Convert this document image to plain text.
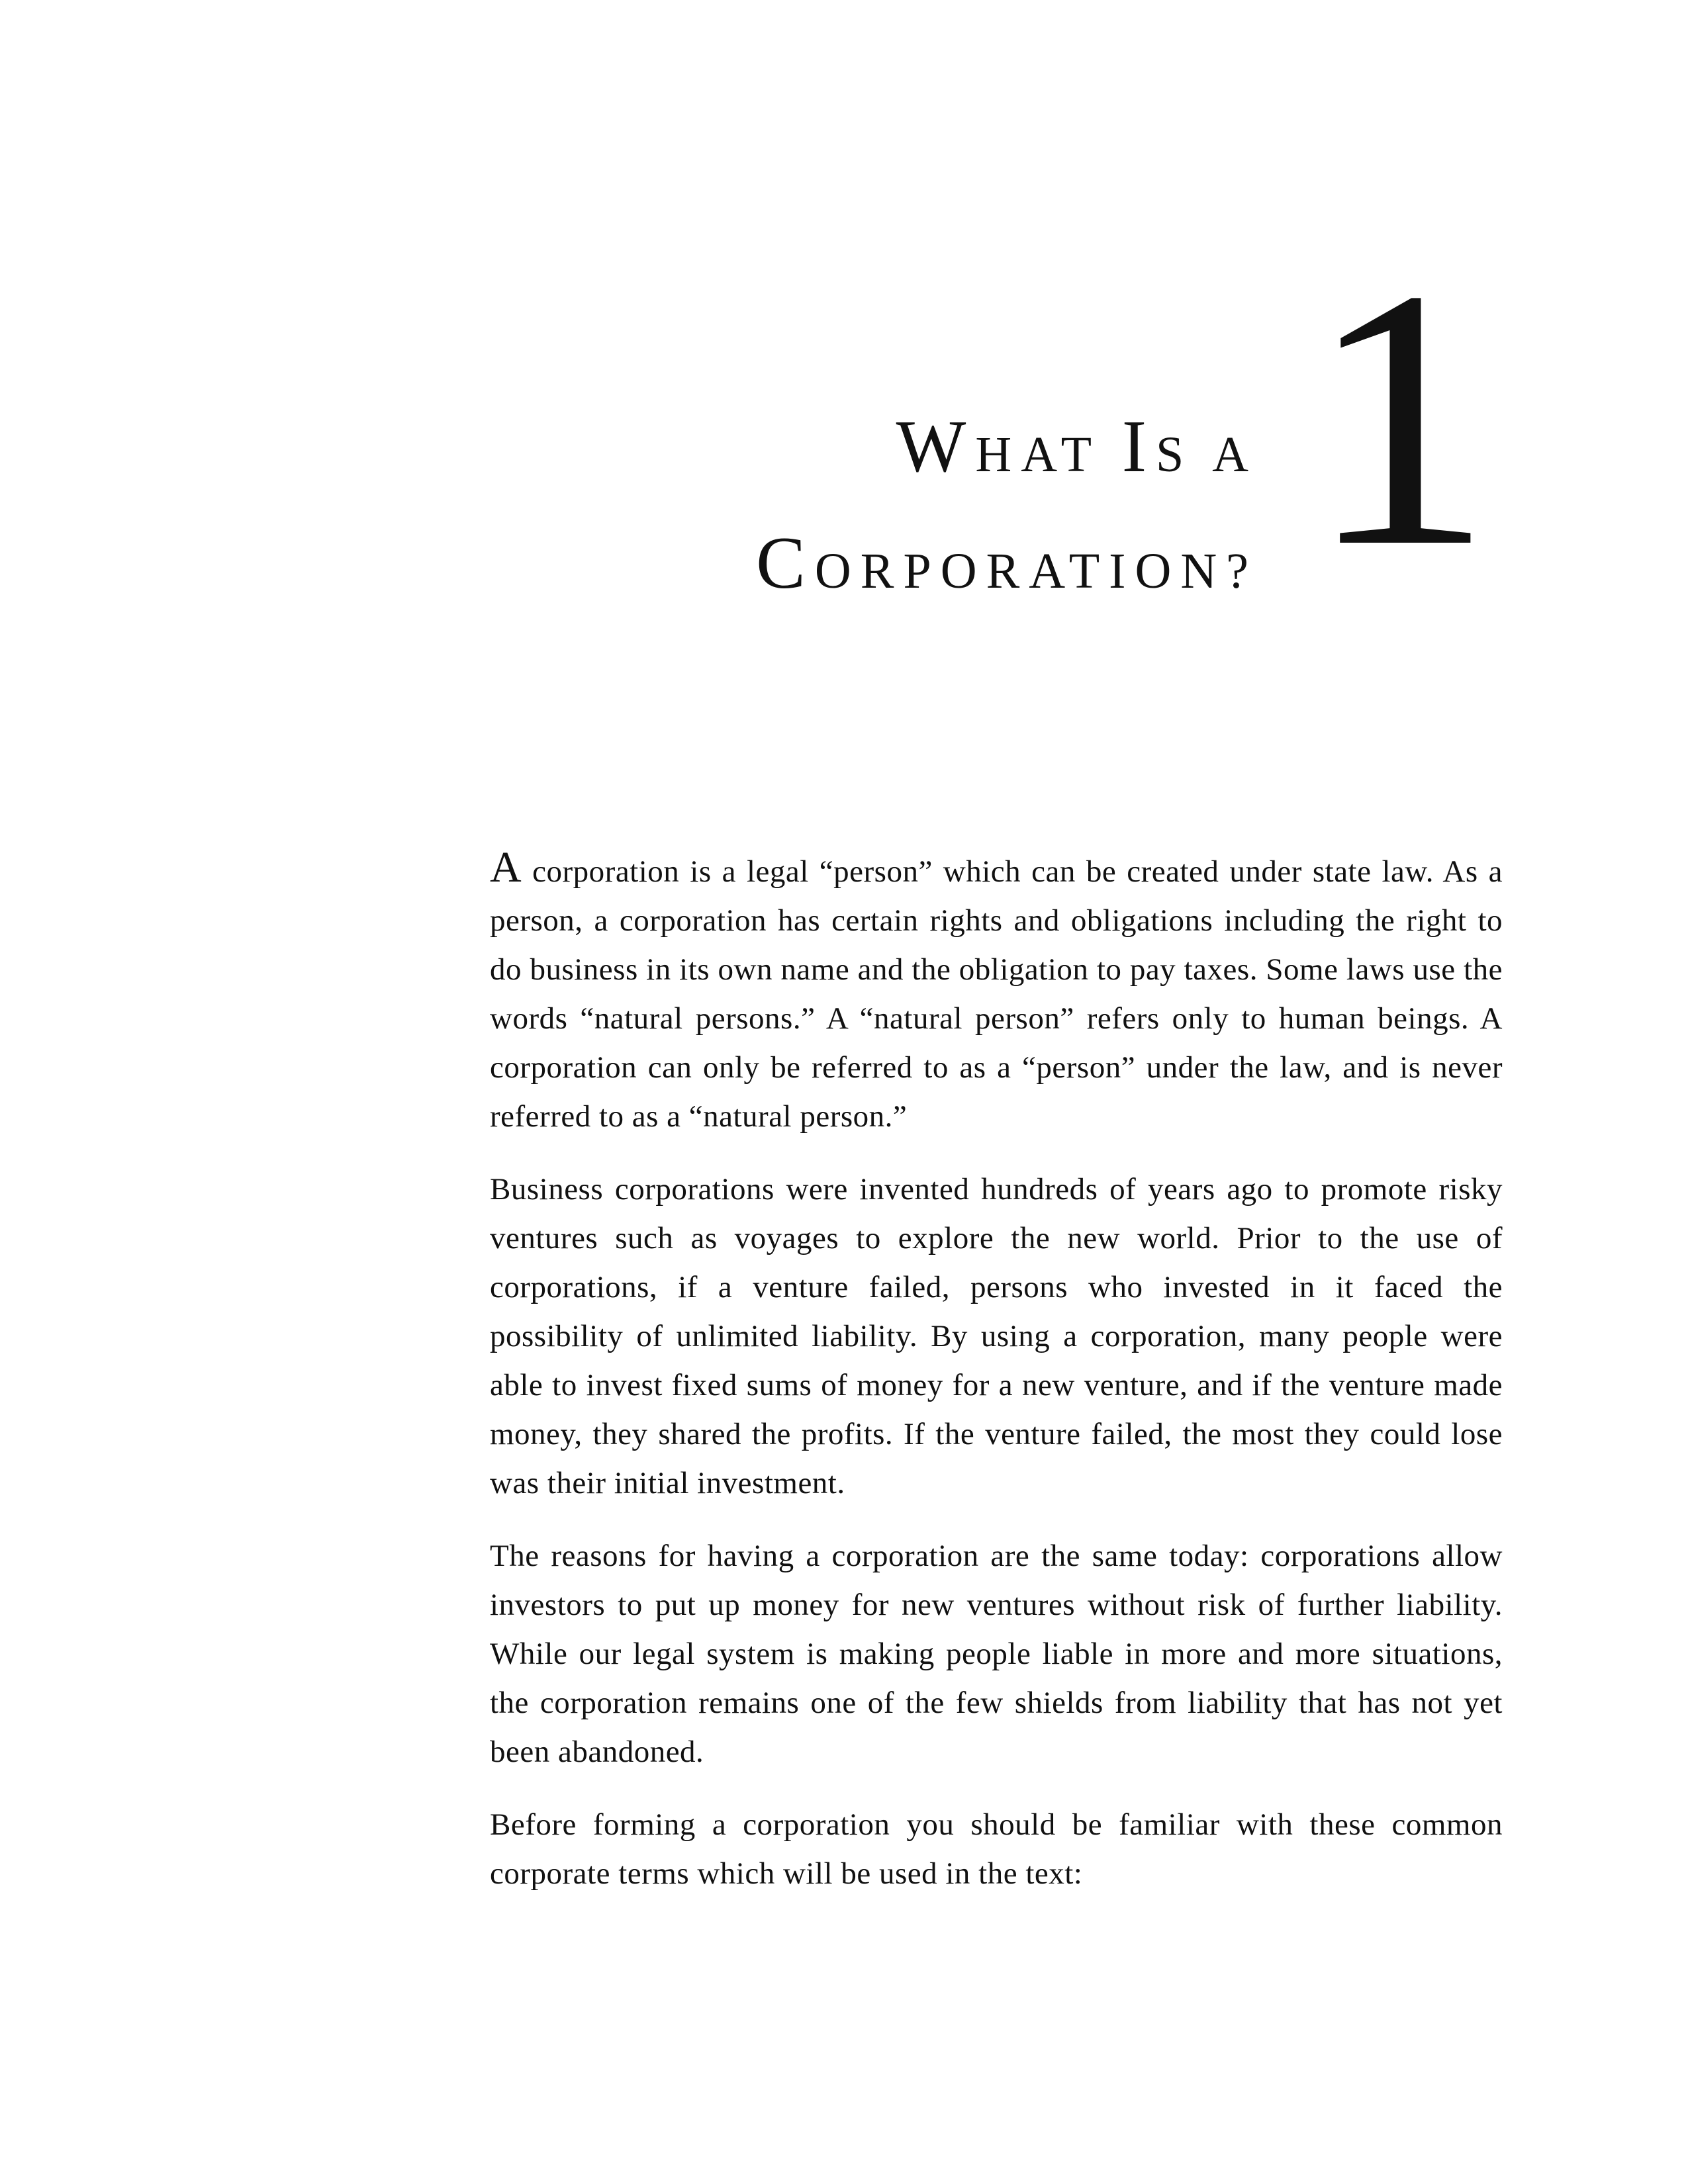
WHAT IS A
CORPORATION? 1

A corporation is a legal “person” which can be created under state law. As a person, a corporation has certain rights and obligations including the right to do business in its own name and the obligation to pay taxes. Some laws use the words “natural persons.” A “natural person” refers only to human beings. A corporation can only be referred to as a “person” under the law, and is never referred to as a “natural person.”

Business corporations were invented hundreds of years ago to promote risky ventures such as voyages to explore the new world. Prior to the use of corporations, if a venture failed, persons who invested in it faced the possibility of unlimited liability. By using a corporation, many people were able to invest fixed sums of money for a new venture, and if the venture made money, they shared the profits. If the venture failed, the most they could lose was their initial investment.

The reasons for having a corporation are the same today: corporations allow investors to put up money for new ventures without risk of further liability. While our legal system is making people liable in more and more situations, the corporation remains one of the few shields from liability that has not yet been abandoned.

Before forming a corporation you should be familiar with these common corporate terms which will be used in the text:
